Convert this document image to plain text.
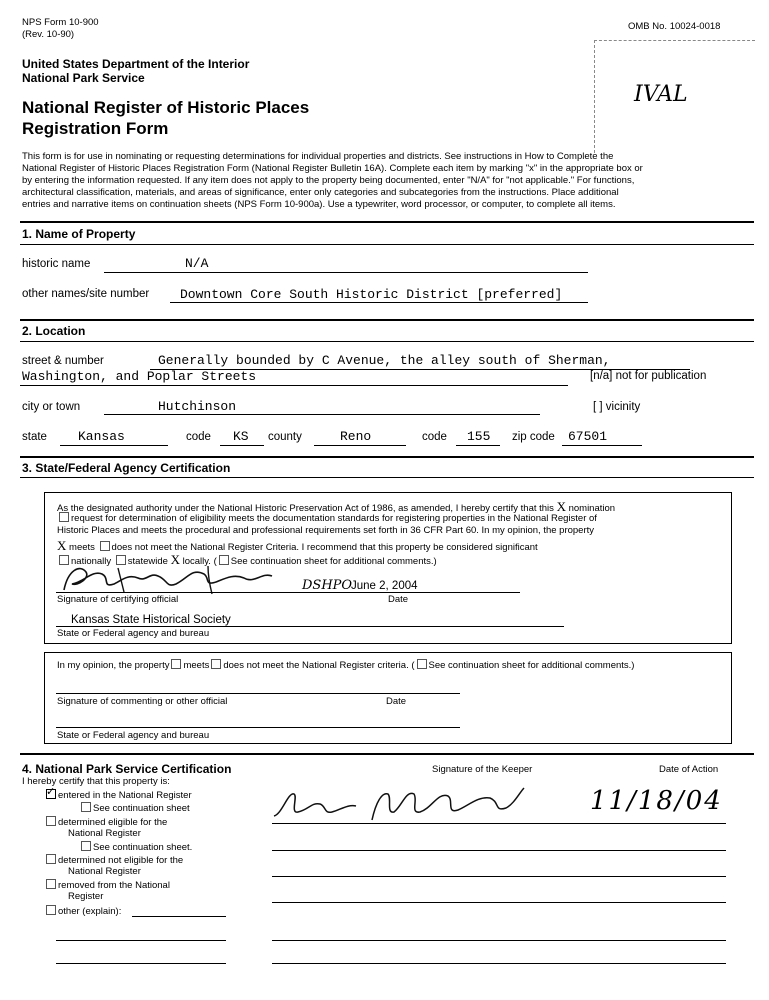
NPS Form 10-900
(Rev. 10-90)
OMB No. 10024-0018
IVAL
United States Department of the Interior
National Park Service
National Register of Historic Places
Registration Form
This form is for use in nominating or requesting determinations for individual properties and districts. See instructions in How to Complete the
National Register of Historic Places Registration Form (National Register Bulletin 16A). Complete each item by marking "x" in the appropriate box or
by entering the information requested. If any item does not apply to the property being documented, enter "N/A" for "not applicable." For functions,
architectural classification, materials, and areas of significance, enter only categories and subcategories from the instructions. Place additional
entries and narrative items on continuation sheets (NPS Form 10-900a). Use a typewriter, word processor, or computer, to complete all items.
1. Name of Property
historic name	N/A
other names/site number Downtown Core South Historic District [preferred]
2. Location
street & number	Generally bounded by C Avenue, the alley south of Sherman,
Washington, and Poplar Streets	[n/a] not for publication
city or town	Hutchinson	[ ] vicinity
state Kansas	code KS county	Reno	code 155 zip code 67501
3. State/Federal Agency Certification
As the designated authority under the National Historic Preservation Act of 1986, as amended, I hereby certify that this X nomination
request for determination of eligibility meets the documentation standards for registering properties in the National Register of
Historic Places and meets the procedural and professional requirements set forth in 36 CFR Part 60. In my opinion, the property
X meets does not meet the National Register Criteria. I recommend that this property be considered significant
nationally statewide X locally. ( See continuation sheet for additional comments.)
DSHPO
June 2, 2004
Signature of certifying official	Date
Kansas State Historical Society
State or Federal agency and bureau
In my opinion, the property meets does not meet the National Register criteria. ( See continuation sheet for additional comments.)
Signature of commenting or other official	Date
State or Federal agency and bureau
4. National Park Service Certification	Signature of the Keeper	Date of Action
I hereby certify that this property is:
✓ entered in the National Register
See continuation sheet
determined eligible for the
National Register
See continuation sheet.
determined not eligible for the
National Register
removed from the National
Register
other (explain):
11/18/04
